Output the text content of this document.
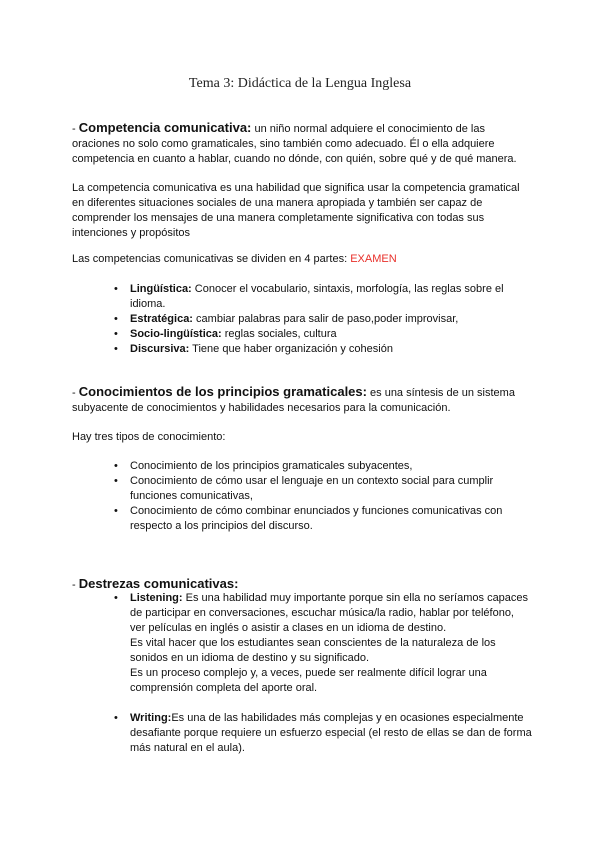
Tema 3: Didáctica de la Lengua Inglesa

- Competencia comunicativa: un niño normal adquiere el conocimiento de las oraciones no solo como gramaticales, sino también como adecuado. Él o ella adquiere competencia en cuanto a hablar, cuando no dónde, con quién, sobre qué y de qué manera.

La competencia comunicativa es una habilidad que significa usar la competencia gramatical en diferentes situaciones sociales de una manera apropiada y también ser capaz de comprender los mensajes de una manera completamente significativa con todas sus intenciones y propósitos

Las competencias comunicativas se dividen en 4 partes: EXAMEN

• Lingüística: Conocer el vocabulario, sintaxis, morfología, las reglas sobre el idioma.
• Estratégica: cambiar palabras para salir de paso,poder improvisar,
• Socio-lingüística: reglas sociales, cultura
• Discursiva: Tiene que haber organización y cohesión

- Conocimientos de los principios gramaticales: es una síntesis de un sistema subyacente de conocimientos y habilidades necesarios para la comunicación.

Hay tres tipos de conocimiento:

• Conocimiento de los principios gramaticales subyacentes,
• Conocimiento de cómo usar el lenguaje en un contexto social para cumplir funciones comunicativas,
• Conocimiento de cómo combinar enunciados y funciones comunicativas con respecto a los principios del discurso.

- Destrezas comunicativas:

• Listening: Es una habilidad muy importante porque sin ella no seríamos capaces de participar en conversaciones, escuchar música/la radio, hablar por teléfono, ver películas en inglés o asistir a clases en un idioma de destino.
Es vital hacer que los estudiantes sean conscientes de la naturaleza de los sonidos en un idioma de destino y su significado.
Es un proceso complejo y, a veces, puede ser realmente difícil lograr una comprensión completa del aporte oral.
• Writing:Es una de las habilidades más complejas y en ocasiones especialmente desafiante porque requiere un esfuerzo especial (el resto de ellas se dan de forma más natural en el aula).
